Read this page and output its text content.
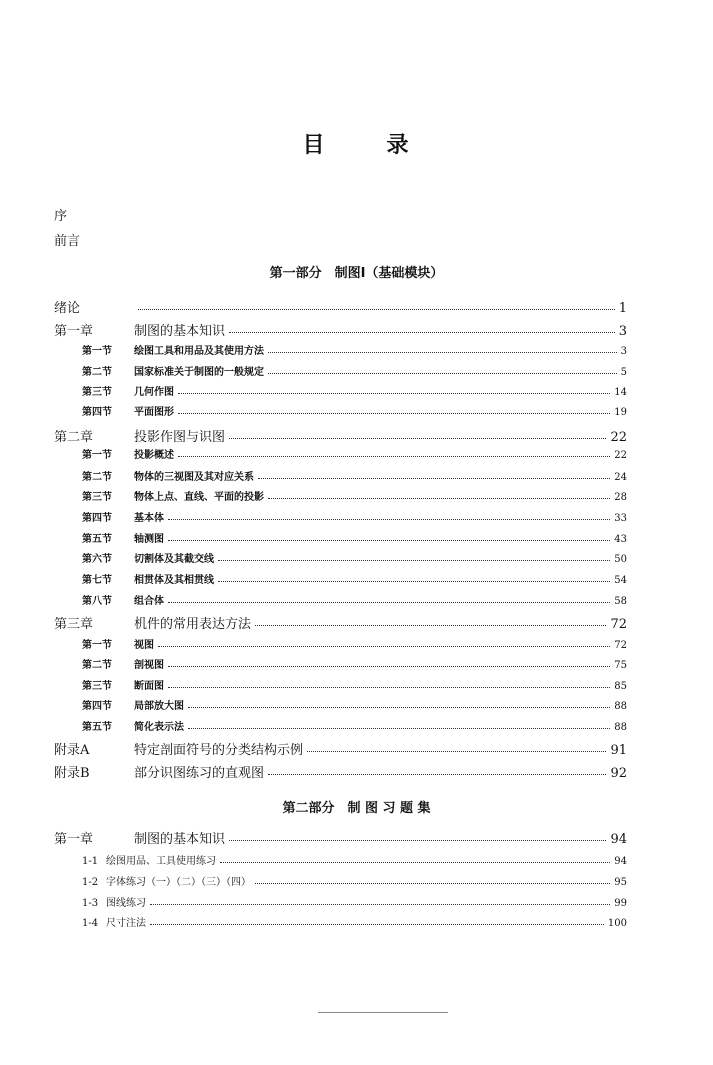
目	录
序
前言
第一部分　制图Ⅰ（基础模块）
绪论	1
第一章	制图的基本知识	3
第一节	绘图工具和用品及其使用方法	3
第二节	国家标准关于制图的一般规定	5
第三节	几何作图	14
第四节	平面图形	19
第二章	投影作图与识图	22
第一节	投影概述	22
第二节	物体的三视图及其对应关系	24
第三节	物体上点、直线、平面的投影	28
第四节	基本体	33
第五节	轴测图	43
第六节	切割体及其截交线	50
第七节	相贯体及其相贯线	54
第八节	组合体	58
第三章	机件的常用表达方法	72
第一节	视图	72
第二节	剖视图	75
第三节	断面图	85
第四节	局部放大图	88
第五节	简化表示法	88
附录A	特定剖面符号的分类结构示例	91
附录B	部分识图练习的直观图	92
第二部分　制 图 习 题 集
第一章	制图的基本知识	94
1-1 绘图用品、工具使用练习	94
1-2 字体练习（一）（二）（三）（四）	95
1-3 图线练习	99
1-4 尺寸注法	100
